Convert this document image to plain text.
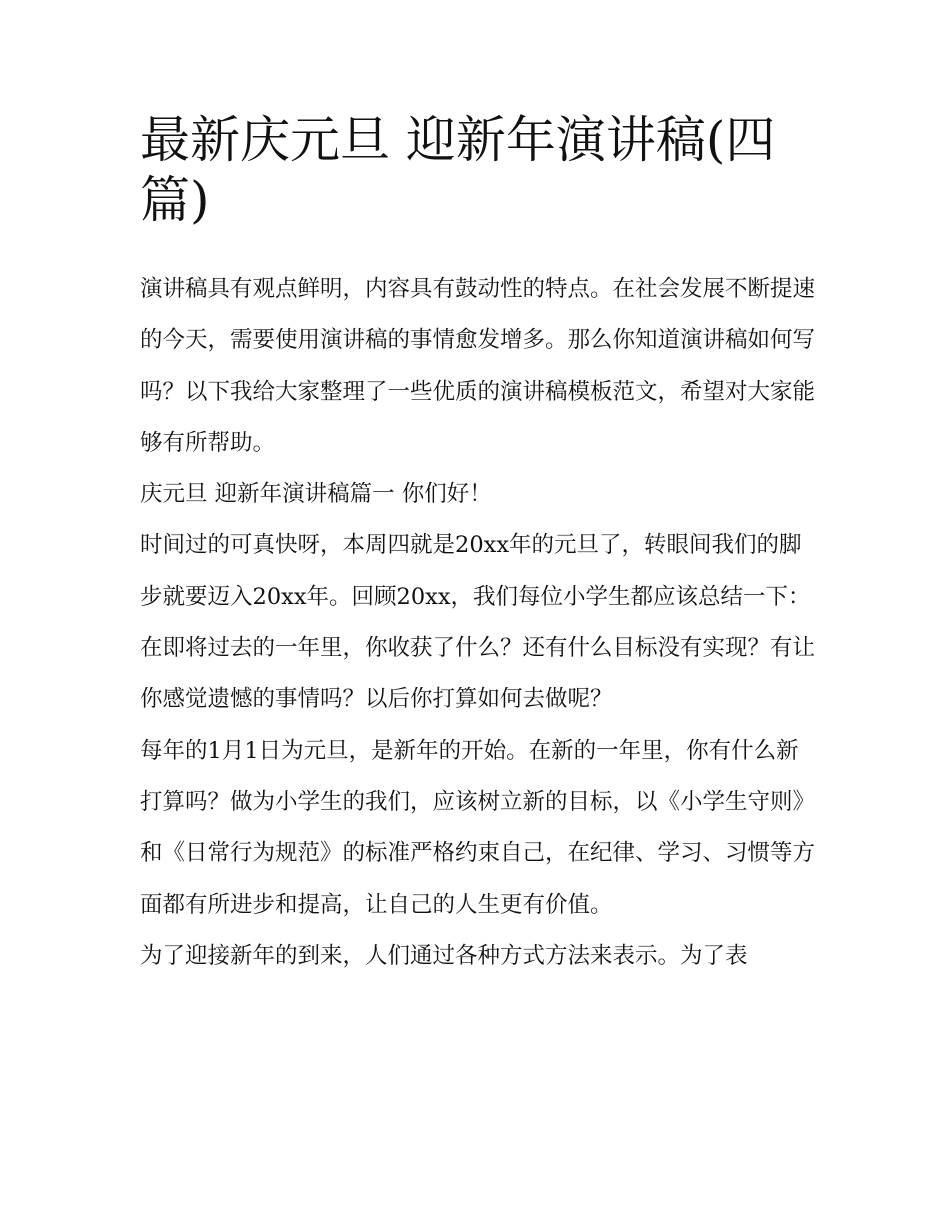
最新庆元旦 迎新年演讲稿(四篇)

演讲稿具有观点鲜明，内容具有鼓动性的特点。在社会发展不断提速的今天，需要使用演讲稿的事情愈发增多。那么你知道演讲稿如何写吗？以下我给大家整理了一些优质的演讲稿模板范文，希望对大家能够有所帮助。

庆元旦 迎新年演讲稿篇一 你们好！

时间过的可真快呀，本周四就是20xx年的元旦了，转眼间我们的脚步就要迈入20xx年。回顾20xx，我们每位小学生都应该总结一下：在即将过去的一年里，你收获了什么？还有什么目标没有实现？有让你感觉遗憾的事情吗？以后你打算如何去做呢？

每年的1月1日为元旦，是新年的开始。在新的一年里，你有什么新打算吗？做为小学生的我们，应该树立新的目标，以《小学生守则》和《日常行为规范》的标准严格约束自己，在纪律、学习、习惯等方面都有所进步和提高，让自己的人生更有价值。

为了迎接新年的到来，人们通过各种方式方法来表示。为了表
